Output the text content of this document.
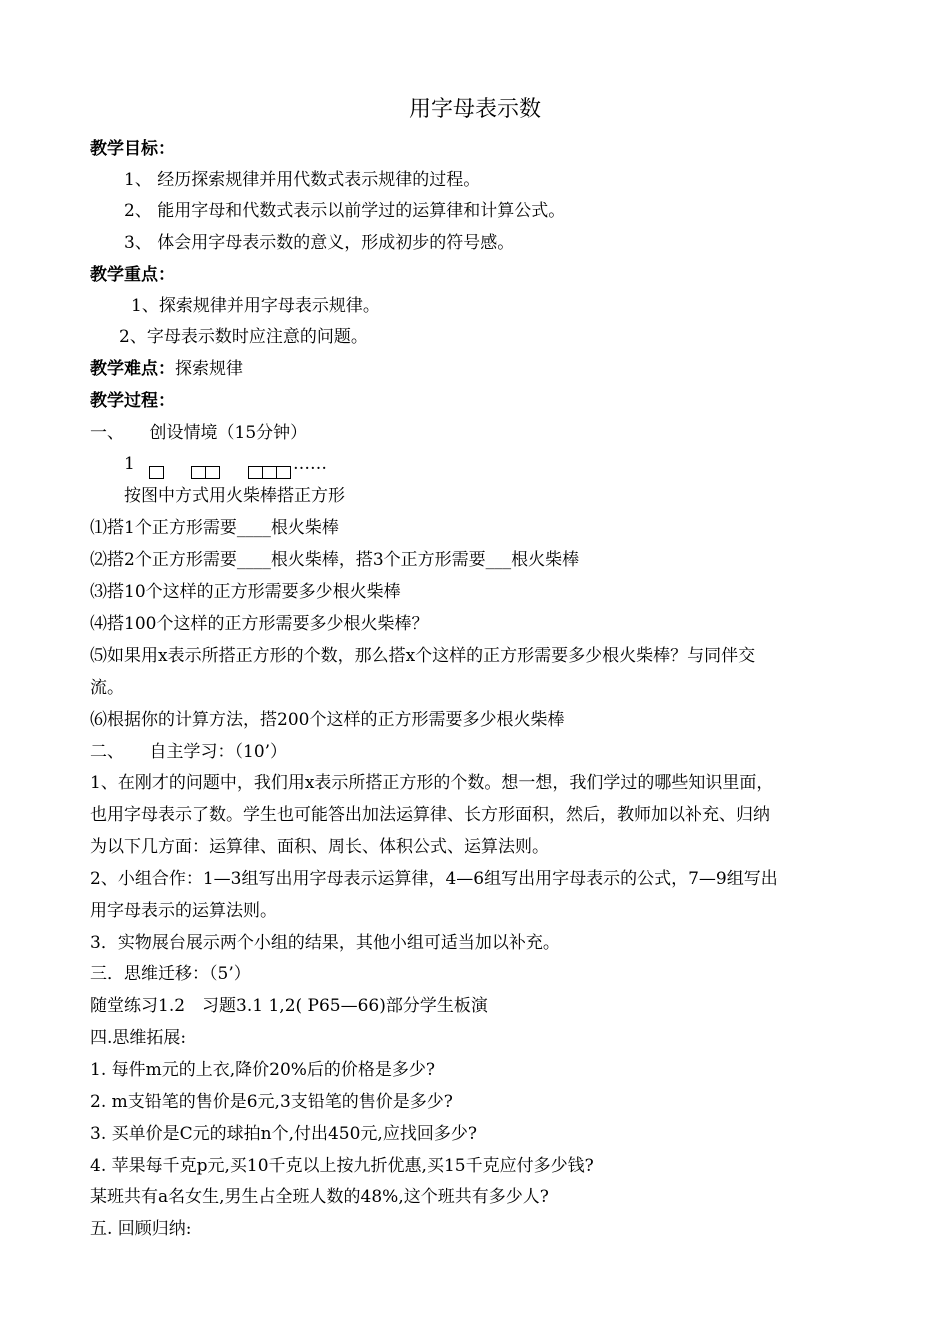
用字母表示数
教学目标：
1、 经历探索规律并用代数式表示规律的过程。
2、 能用字母和代数式表示以前学过的运算律和计算公式。
3、 体会用字母表示数的意义，形成初步的符号感。
教学重点：
1、探索规律并用字母表示规律。
2、字母表示数时应注意的问题。
教学难点：探索规律
教学过程：
一、　　创设情境（15分钟）
1	……
按图中方式用火柴棒搭正方形
⑴搭1个正方形需要____根火柴棒
⑵搭2个正方形需要____根火柴棒，搭3个正方形需要___根火柴棒
⑶搭10个这样的正方形需要多少根火柴棒
⑷搭100个这样的正方形需要多少根火柴棒？
⑸如果用x表示所搭正方形的个数，那么搭x个这样的正方形需要多少根火柴棒？与同伴交
流。
⑹根据你的计算方法，搭200个这样的正方形需要多少根火柴棒
二、　　自主学习：（10’）
1、在刚才的问题中，我们用x表示所搭正方形的个数。想一想，我们学过的哪些知识里面，
也用字母表示了数。学生也可能答出加法运算律、长方形面积，然后，教师加以补充、归纳
为以下几方面：运算律、面积、周长、体积公式、运算法则。
2、小组合作：1—3组写出用字母表示运算律，4—6组写出用字母表示的公式，7—9组写出
用字母表示的运算法则。
3．实物展台展示两个小组的结果，其他小组可适当加以补充。
三．思维迁移：（5’）
随堂练习1.2　习题3.1 1,2( P65—66)部分学生板演
四.思维拓展:
1. 每件m元的上衣,降价20%后的价格是多少?
2. m支铅笔的售价是6元,3支铅笔的售价是多少?
3. 买单价是C元的球拍n个,付出450元,应找回多少?
4. 苹果每千克p元,买10千克以上按九折优惠,买15千克应付多少钱?
某班共有a名女生,男生占全班人数的48%,这个班共有多少人?
五. 回顾归纳:
